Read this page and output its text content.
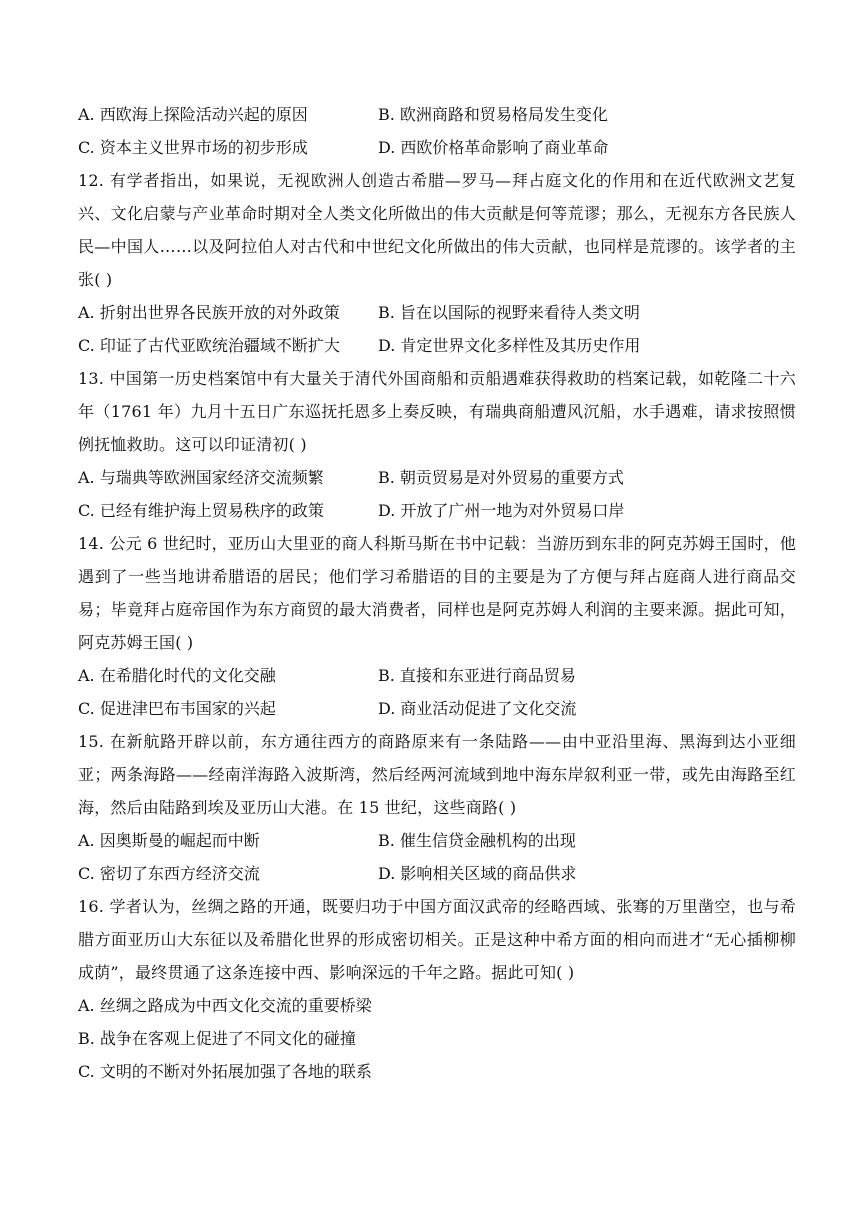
A. 西欧海上探险活动兴起的原因	B. 欧洲商路和贸易格局发生变化
C. 资本主义世界市场的初步形成	D. 西欧价格革命影响了商业革命

12. 有学者指出，如果说，无视欧洲人创造古希腊—罗马—拜占庭文化的作用和在近代欧洲文艺复兴、文化启蒙与产业革命时期对全人类文化所做出的伟大贡献是何等荒谬；那么，无视东方各民族人民—中国人……以及阿拉伯人对古代和中世纪文化所做出的伟大贡献，也同样是荒谬的。该学者的主张( )

A. 折射出世界各民族开放的对外政策	B. 旨在以国际的视野来看待人类文明
C. 印证了古代亚欧统治疆域不断扩大	D. 肯定世界文化多样性及其历史作用

13. 中国第一历史档案馆中有大量关于清代外国商船和贡船遇难获得救助的档案记载，如乾隆二十六年（1761 年）九月十五日广东巡抚托恩多上奏反映，有瑞典商船遭风沉船，水手遇难，请求按照惯例抚恤救助。这可以印证清初( )

A. 与瑞典等欧洲国家经济交流频繁	B. 朝贡贸易是对外贸易的重要方式
C. 已经有维护海上贸易秩序的政策	D. 开放了广州一地为对外贸易口岸

14. 公元 6 世纪时，亚历山大里亚的商人科斯马斯在书中记载：当游历到东非的阿克苏姆王国时，他遇到了一些当地讲希腊语的居民；他们学习希腊语的目的主要是为了方便与拜占庭商人进行商品交易；毕竟拜占庭帝国作为东方商贸的最大消费者，同样也是阿克苏姆人利润的主要来源。据此可知，阿克苏姆王国( )

A. 在希腊化时代的文化交融	B. 直接和东亚进行商品贸易
C. 促进津巴布韦国家的兴起	D. 商业活动促进了文化交流

15. 在新航路开辟以前，东方通往西方的商路原来有一条陆路——由中亚沿里海、黑海到达小亚细亚；两条海路——经南洋海路入波斯湾，然后经两河流域到地中海东岸叙利亚一带，或先由海路至红海，然后由陆路到埃及亚历山大港。在 15 世纪，这些商路( )

A. 因奥斯曼的崛起而中断	B. 催生信贷金融机构的出现
C. 密切了东西方经济交流	D. 影响相关区域的商品供求

16. 学者认为，丝绸之路的开通，既要归功于中国方面汉武帝的经略西域、张骞的万里凿空，也与希腊方面亚历山大东征以及希腊化世界的形成密切相关。正是这种中希方面的相向而进才“无心插柳柳成荫”，最终贯通了这条连接中西、影响深远的千年之路。据此可知( )

A. 丝绸之路成为中西文化交流的重要桥梁
B. 战争在客观上促进了不同文化的碰撞
C. 文明的不断对外拓展加强了各地的联系
